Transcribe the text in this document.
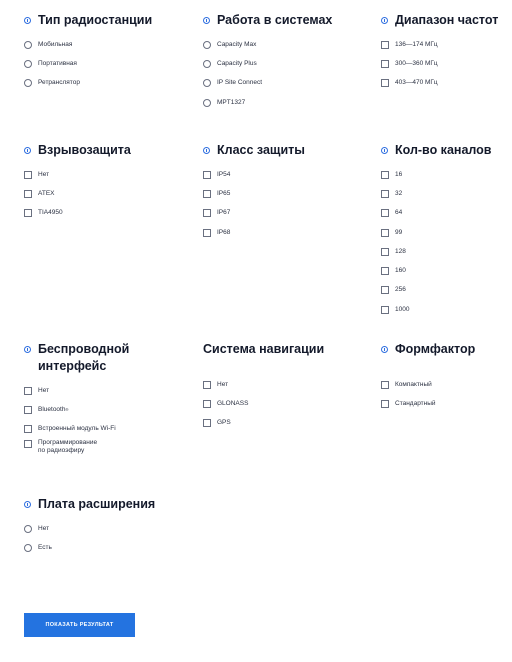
Тип радиостанции
Мобильная
Портативная
Ретранслятор
Работа в системах
Capacity Max
Capacity Plus
IP Site Connect
MPT1327
Диапазон частот
136—174 МГц
300—360 МГц
403—470 МГц
Взрывозащита
Нет
ATEX
TIA4950
Класс защиты
IP54
IP65
IP67
IP68
Кол-во каналов
16
32
64
99
128
160
256
1000
Беспроводной
интерфейс
Нет
Bluetooth®
Встроенный модуль Wi-Fi
Программирование
по радиоэфиру
Система навигации
Нет
GLONASS
GPS
Формфактор
Компактный
Стандартный
Плата расширения
Нет
Есть
ПОКАЗАТЬ РЕЗУЛЬТАТ
